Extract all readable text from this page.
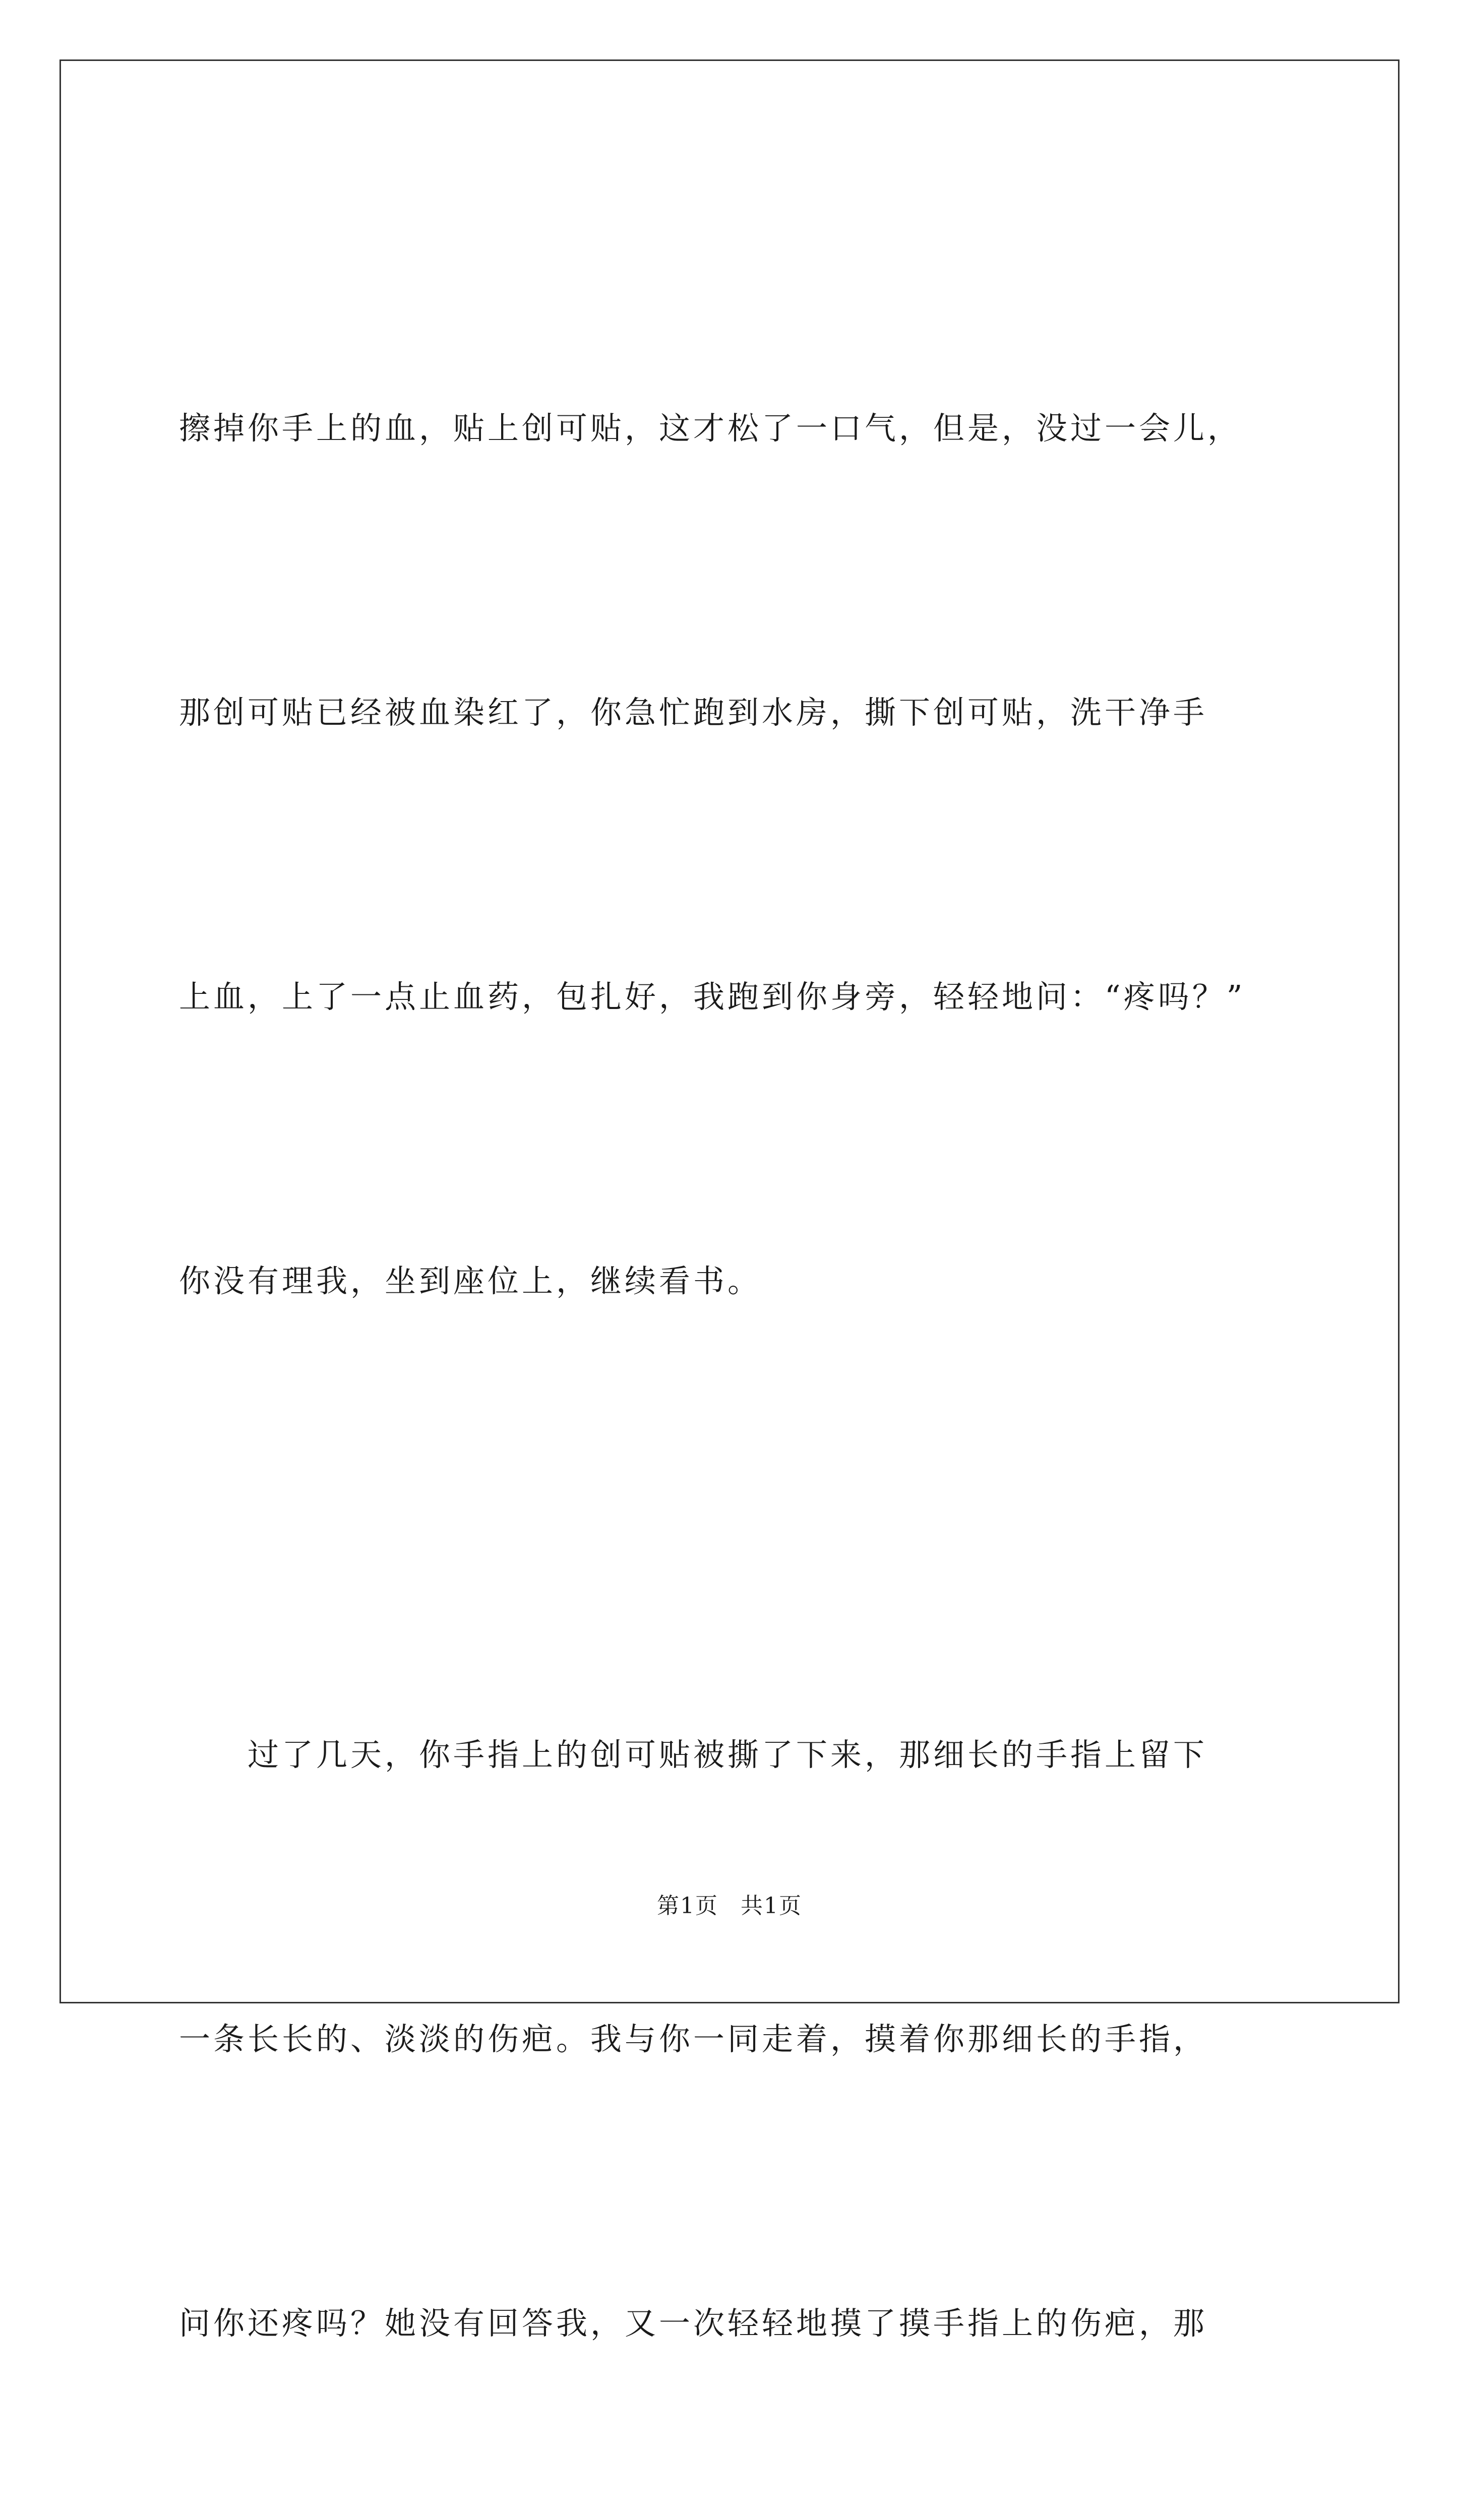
擦掉你手上的血，贴上创可贴，这才松了一口气，但是，没过一会儿，

那创可贴已经被血染红了，你急忙跑到水房，撕下创可贴，洗干净手

上血，上了一点止血药，包扎好，我跑到你身旁，轻轻地问：“疼吗？”

你没有理我，坐到座位上，继续看书。

　　过了几天，你手指上的创可贴被撕了下来，那细长的手指上留下

一条长长的、淡淡的伤疤。我与你一同走着，摸着你那细长的手指，

问你还疼吗？她没有回答我，又一次轻轻地摸了摸手指上的伤疤，那

第1页 共1页
